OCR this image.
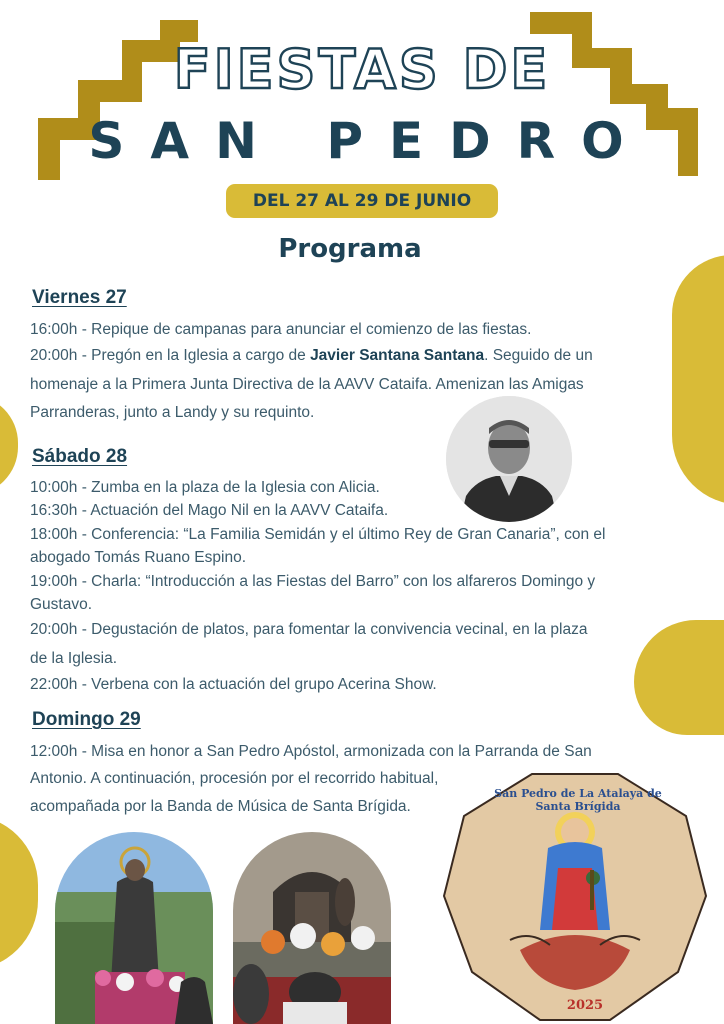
FIESTAS DE
SAN PEDRO
DEL 27 AL 29 DE JUNIO
Programa
Viernes 27
16:00h - Repique de campanas para anunciar el comienzo de las fiestas.
20:00h - Pregón en la Iglesia a cargo de Javier Santana Santana. Seguido de un
homenaje a la Primera Junta Directiva de la AAVV Cataifa. Amenizan las Amigas
Parranderas, junto a Landy y su requinto.
Sábado 28
10:00h - Zumba en la plaza de la Iglesia con Alicia.
16:30h - Actuación del Mago Nil en la AAVV Cataifa.
18:00h - Conferencia: “La Familia Semidán y el último Rey de Gran Canaria”, con el
abogado Tomás Ruano Espino.
19:00h - Charla: “Introducción a las Fiestas del Barro” con los alfareros Domingo y
Gustavo.
20:00h - Degustación de platos, para fomentar la convivencia vecinal, en la plaza
de la Iglesia.
22:00h - Verbena con la actuación del grupo Acerina Show.
Domingo 29
12:00h - Misa en honor a San Pedro Apóstol, armonizada con la Parranda de San
Antonio. A continuación, procesión por el recorrido habitual,
acompañada por la Banda de Música de Santa Brígida.
San Pedro de La Atalaya de Santa Brígida
2025
